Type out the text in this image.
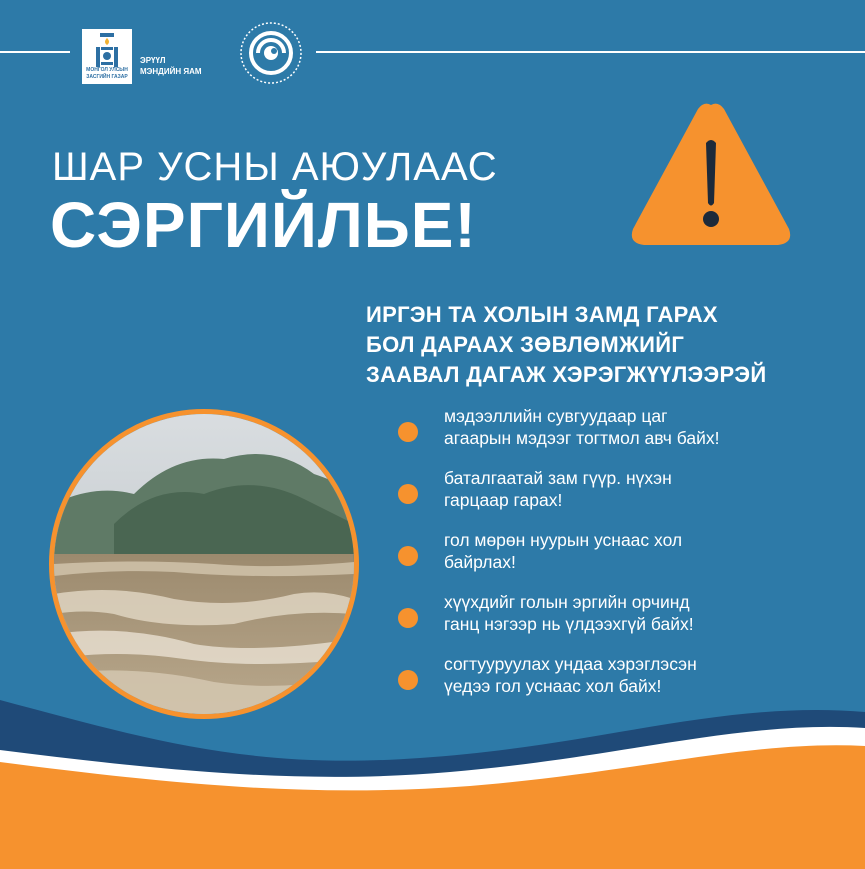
МОНГОЛ УЛСЫН
ЗАСГИЙН ГАЗАР
ЭРҮҮЛ
МЭНДИЙН ЯАМ
ШАР УСНЫ АЮУЛААС
СЭРГИЙЛЬЕ!
ИРГЭН ТА ХОЛЫН ЗАМД ГАРАХ
БОЛ ДАРААХ ЗӨВЛӨМЖИЙГ
ЗААВАЛ ДАГАЖ ХЭРЭГЖҮҮЛЭЭРЭЙ
мэдээллийн сувгуудаар цаг
агаарын мэдээг тогтмол авч байх!
баталгаатай зам гүүр. нүхэн
гарцаар гарах!
гол мөрөн нуурын уснаас хол
байрлах!
хүүхдийг голын эргийн орчинд
ганц нэгээр нь үлдээхгүй байх!
согтууруулах ундаа хэрэглэсэн
үедээ гол уснаас хол байх!
